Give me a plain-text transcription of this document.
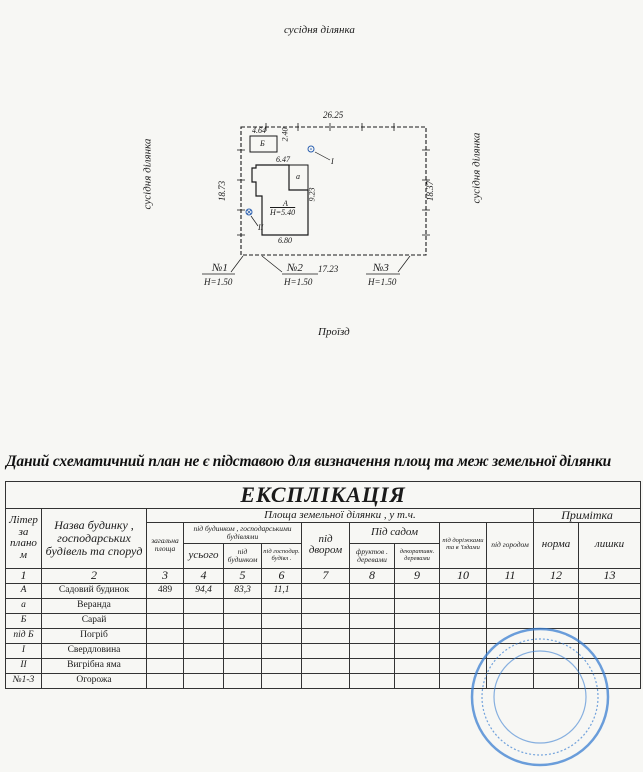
сусідня ділянка
сусідня ділянка	сусідня ділянка
Проїзд
26.25
18.73	18.37
17.23
4.64 2.40
6.47
9.23
6.80
Б
а
А
Н=5.40
І
ІІ
№1
Н=1.50
№2
Н=1.50
№3
Н=1.50
Даний схематичний план не є підставою для визначення площ та меж земельної ділянки
ЕКСПЛІКАЦІЯ												
Літер за плано м	Назва будинку , господарських будівель та споруд	Площа земельної ділянки , у т.ч.									Примітка	
		загальна площа	під будинком , господарськими будівлями			під двором	Під садом		під доріжками та в 'їздами	під городом	норма	лишки
			усього	під будинком	під господар. будівл .		фруктов . деревами	декоративн. деревами				

1	2	3	4	5	6	7	8	9	10	11	12	13
А	Садовий будинок	489	94,4	83,3	11,1							
а	Веранда											
Б	Сарай											
під Б	Погріб											
І	Свердловина											
ІІ	Вигрібна яма											
№1-3	Огорожа											
